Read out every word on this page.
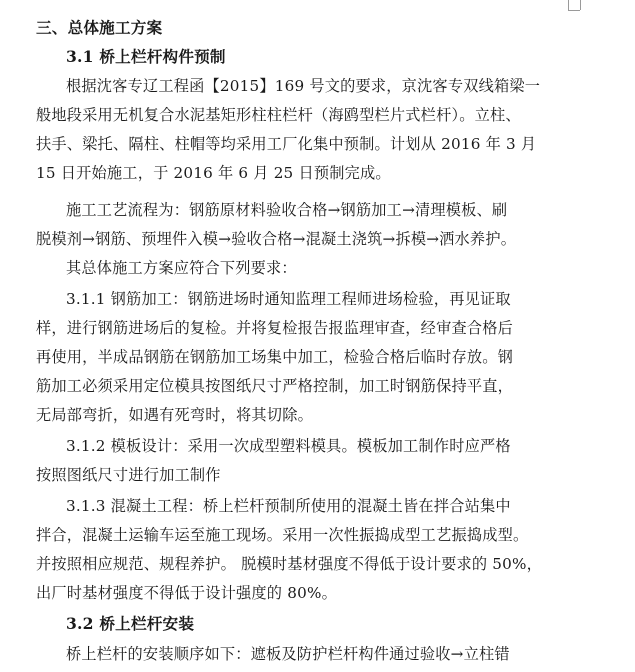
三、总体施工方案
3.1 桥上栏杆构件预制
根据沈客专辽工程函【2015】169 号文的要求，京沈客专双线箱梁一
般地段采用无机复合水泥基矩形柱柱栏杆（海鸥型栏片式栏杆）。立柱、
扶手、梁托、隔柱、柱帽等均采用工厂化集中预制。计划从 2016 年 3 月
15 日开始施工，于 2016 年 6 月 25 日预制完成。
施工工艺流程为：钢筋原材料验收合格→钢筋加工→清理模板、刷
脱模剂→钢筋、预埋件入模→验收合格→混凝土浇筑→拆模→洒水养护。
其总体施工方案应符合下列要求：
3.1.1 钢筋加工：钢筋进场时通知监理工程师进场检验，再见证取
样，进行钢筋进场后的复检。并将复检报告报监理审查，经审查合格后
再使用，半成品钢筋在钢筋加工场集中加工，检验合格后临时存放。钢
筋加工必须采用定位模具按图纸尺寸严格控制，加工时钢筋保持平直，
无局部弯折，如遇有死弯时，将其切除。
3.1.2 模板设计：采用一次成型塑料模具。模板加工制作时应严格
按照图纸尺寸进行加工制作
3.1.3 混凝土工程：桥上栏杆预制所使用的混凝土皆在拌合站集中
拌合，混凝土运输车运至施工现场。采用一次性振捣成型工艺振捣成型。
并按照相应规范、规程养护。 脱模时基材强度不得低于设计要求的 50%，
出厂时基材强度不得低于设计强度的 80%。
3.2 桥上栏杆安装
桥上栏杆的安装顺序如下：遮板及防护栏杆构件通过验收→立柱错
